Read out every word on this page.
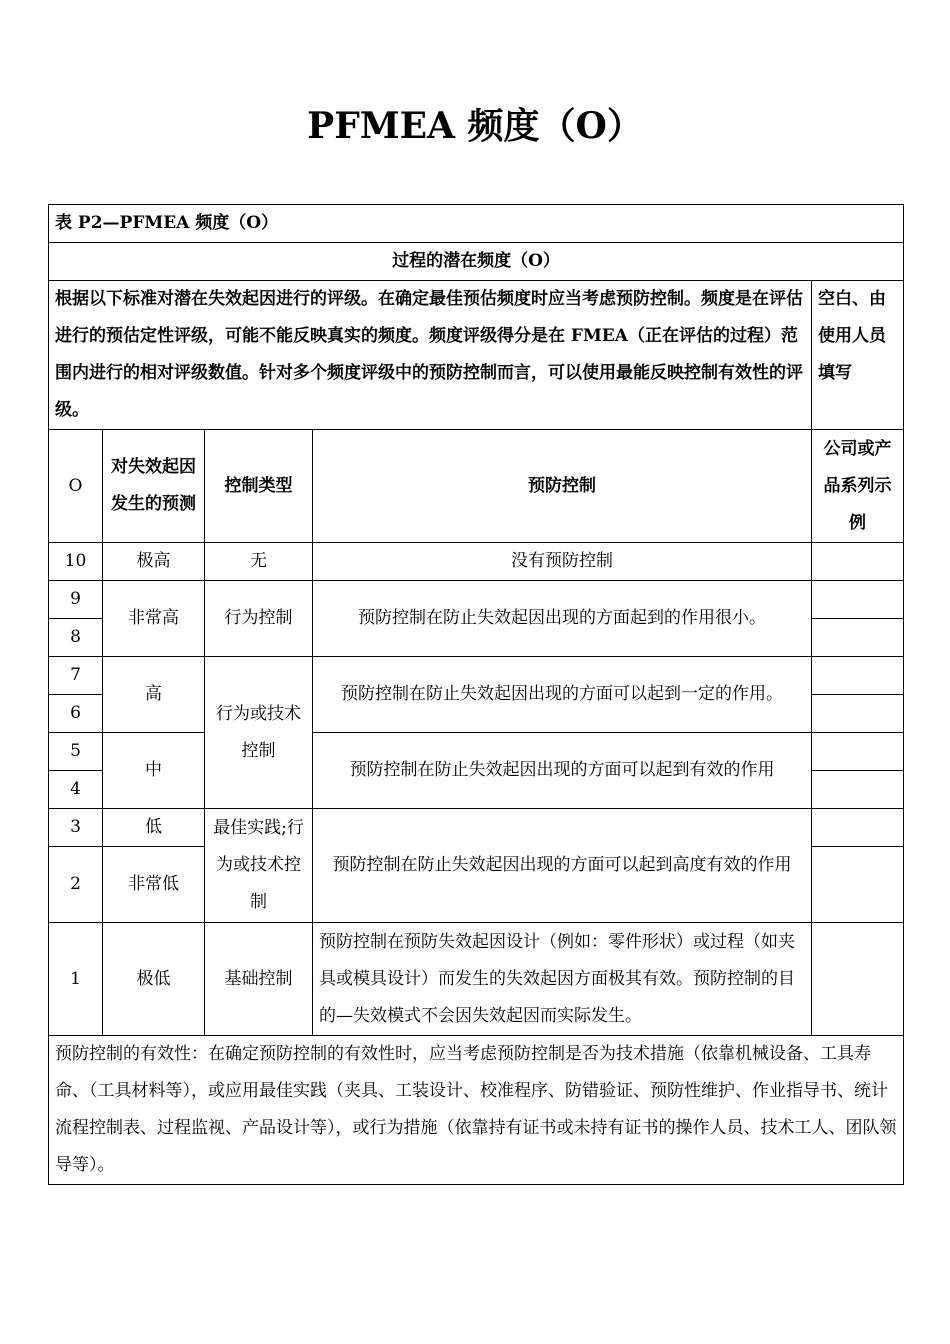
PFMEA 频度（O）
表 P2—PFMEA 频度（O）				
过程的潜在频度（O）				
根据以下标准对潜在失效起因进行的评级。在确定最佳预估频度时应当考虑预防控制。频度是在评估进行的预估定性评级，可能不能反映真实的频度。频度评级得分是在 FMEA（正在评估的过程）范围内进行的相对评级数值。针对多个频度评级中的预防控制而言，可以使用最能反映控制有效性的评级。				空白、由使用人员填写
O	对失效起因发生的预测	控制类型	预防控制	公司或产品系列示例
10	极高	无	没有预防控制	
9	非常高	行为控制	预防控制在防止失效起因出现的方面起到的作用很小。	
8				
7	高	行为或技术控制	预防控制在防止失效起因出现的方面可以起到一定的作用。	
6				
5	中		预防控制在防止失效起因出现的方面可以起到有效的作用	
4				
3	低	最佳实践;行为或技术控制	预防控制在防止失效起因出现的方面可以起到高度有效的作用	
2	非常低			
1	极低	基础控制	预防控制在预防失效起因设计（例如：零件形状）或过程（如夹具或模具设计）而发生的失效起因方面极其有效。预防控制的目的—失效模式不会因失效起因而实际发生。	
预防控制的有效性：在确定预防控制的有效性时，应当考虑预防控制是否为技术措施（依靠机械设备、工具寿命、（工具材料等），或应用最佳实践（夹具、工装设计、校准程序、防错验证、预防性维护、作业指导书、统计流程控制表、过程监视、产品设计等），或行为措施（依靠持有证书或未持有证书的操作人员、技术工人、团队领导等）。				
